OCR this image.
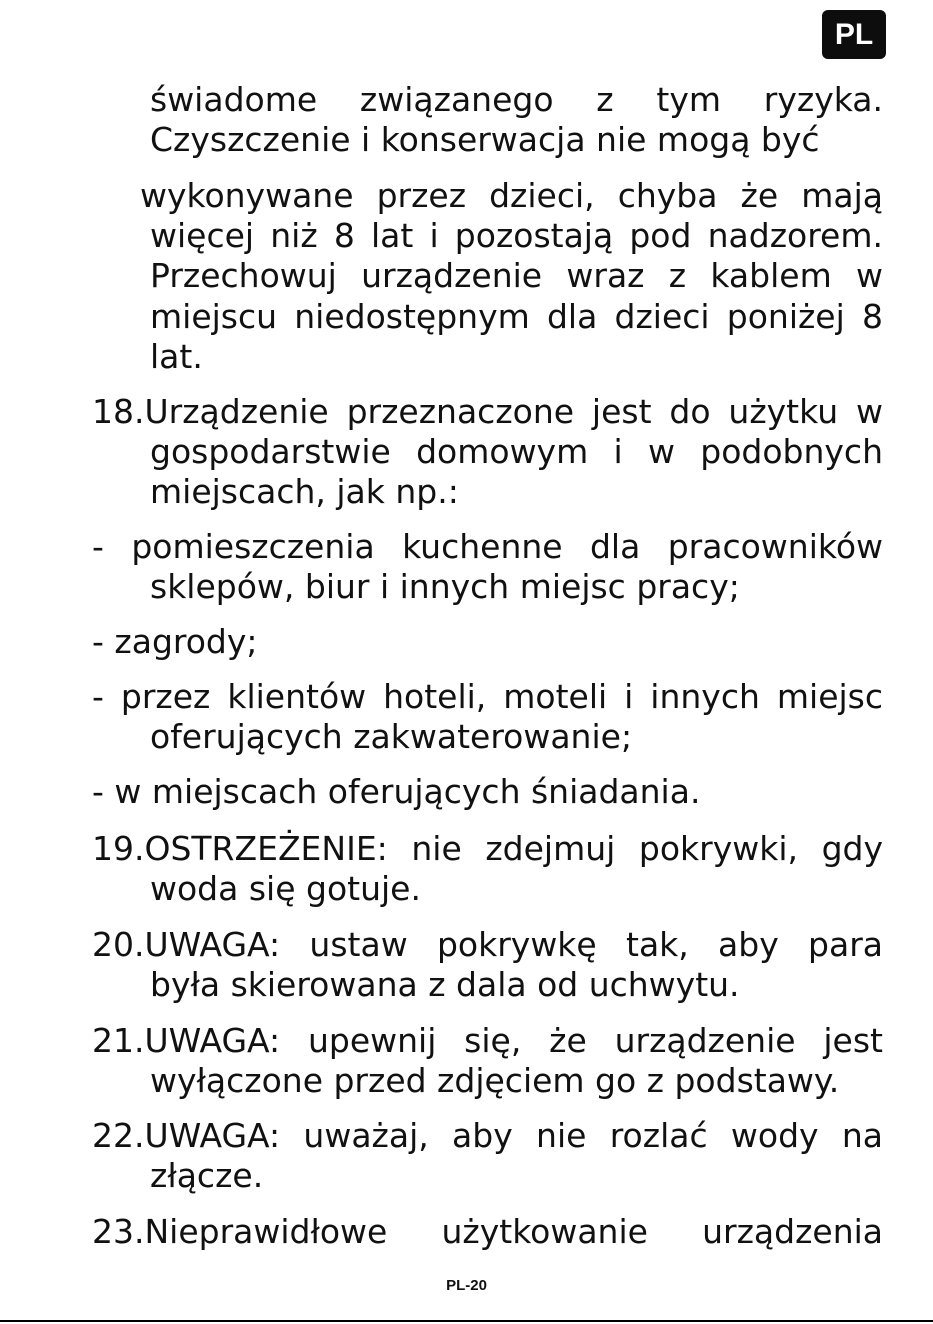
PL
świadome związanego z tym ryzyka.
Czyszczenie i konserwacja nie mogą być
wykonywane przez dzieci, chyba że mają
więcej niż 8 lat i pozostają pod nadzorem.
Przechowuj urządzenie wraz z kablem w
miejscu niedostępnym dla dzieci poniżej 8
lat.
18.Urządzenie przeznaczone jest do użytku w
gospodarstwie domowym i w podobnych
miejscach, jak np.:
- pomieszczenia kuchenne dla pracowników
sklepów, biur i innych miejsc pracy;
- zagrody;
- przez klientów hoteli, moteli i innych miejsc
oferujących zakwaterowanie;
- w miejscach oferujących śniadania.
19.OSTRZEŻENIE: nie zdejmuj pokrywki, gdy
woda się gotuje.
20.UWAGA: ustaw pokrywkę tak, aby para
była skierowana z dala od uchwytu.
21.UWAGA: upewnij się, że urządzenie jest
wyłączone przed zdjęciem go z podstawy.
22.UWAGA: uważaj, aby nie rozlać wody na
złącze.
23.Nieprawidłowe użytkowanie urządzenia
PL-20
